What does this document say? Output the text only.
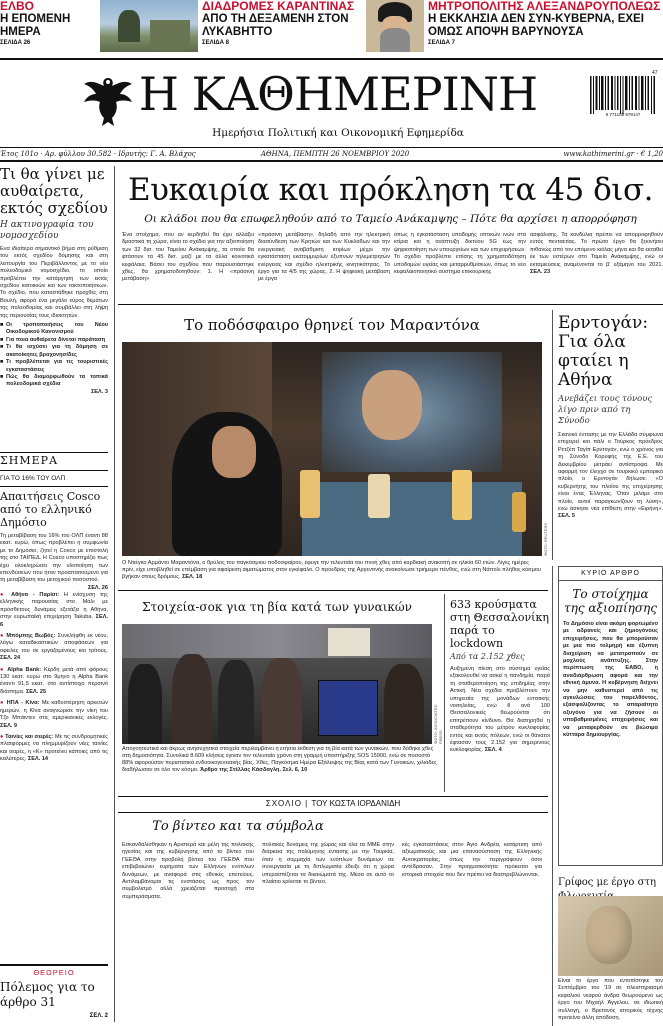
ΕΛΒΟ
Η ΕΠΟΜΕΝΗ ΗΜΕΡΑ
ΣΕΛΙΔΑ 26
ΔΙΑΔΡΟΜΕΣ ΚΑΡΑΝΤΙΝΑΣ
ΑΠΟ ΤΗ ΔΕΞΑΜΕΝΗ ΣΤΟΝ ΛΥΚΑΒΗΤΤΟ
ΣΕΛΙΔΑ 8
ΜΗΤΡΟΠΟΛΙΤΗΣ ΑΛΕΞΑΝΔΡΟΥΠΟΛΕΩΣ
Η ΕΚΚΛΗΣΙΑ ΔΕΝ ΣΥΝ-ΚΥΒΕΡΝΑ, ΕΧΕΙ ΟΜΩΣ ΑΠΟΨΗ ΒΑΡΥΝΟΥΣΑ
ΣΕΛΙΔΑ 7
Η ΚΑΘΗΜΕΡΙΝΗ
Ημερήσια Πολιτική και Οικονομική Εφημερίδα
9 771108 979147
47
Έτος 101ο · Αρ. φύλλου 30.582 · Ιδρυτής: Γ. Α. Βλάχος	ΑΘΗΝΑ, ΠΕΜΠΤΗ 26 ΝΟΕΜΒΡΙΟΥ 2020	www.kathimerini.gr · € 1,20
Τι θα γίνει με αυθαίρετα, εκτός σχεδίου
Η ακτινογραφία του νομοσχεδίου
Ενα ιδιαίτερα σημαντικό βήμα στη ρύθμιση του εκτός σχεδίου δόμησης και στη λειτουργία του Περιβάλλοντος με το νέο πολεοδομικό νομοσχέδιο, το οποίο προβλέπει την κατάργηση των εκτός σχεδίου κατοικιών και των τακτοποιήσεων. Το σχέδιο, που καταστάθηκε προχθές στη Βουλή, αφορά ένα μεγάλο εύρος θεμάτων της πολεοδομίας και συμβάλλει στη λήψη της περιουσίας τους ιδιοκτητών.
■ Οι τροποποιήσεις του Νέου Οικοδομικού Κανονισμού
■ Για ποια αυθαίρετα δίνεται παράταση
■ Τι θα ισχύσει για τη δόμηση σε ακατοίκητες βραχονησίδες
■ Τι προβλέπεται για τις τουριστικές εγκαταστάσεις
■ Πώς θα διαμορφωθούν τα τοπικά πολεοδομικά σχέδια
ΣΕΛ. 3
ΣΗΜΕΡΑ
ΓΙΑ ΤΟ 16% ΤΟΥ ΟΛΠ
Απαιτήσεις Cosco από το ελληνικό Δημόσιο
Τη μεταβίβαση του 16% του ΟΛΠ έναντι 88 εκατ. ευρώ, όπως προβλέπει η συμφωνία με το Δημόσιο, ζητεί η Cosco με επιστολή της στο ΤΑΙΠΕΔ. Η Cosco υποστηρίζει πως έχει ολοκληρώσει την υλοποίηση των επενδύσεων που ήταν προαπαιτούμενο για τη μεταβίβαση του μετοχικού ποσοστού.
ΣΕΛ. 26
● Αθήνα - Παρίσι: Η ενίσχυση της ελληνικής παρουσίας στο Μάλι με πρόσθετους δυνάμεις εξετάζει η Αθήνα, στην ευρωπαϊκή επιχείρηση Takuba. ΣΕΛ. 6
● Μπόμπης Βωβός: Συνελήφθη εκ νέου, λόγω καταδικαστικών αποφάσεων για οφειλές του σε εργαζομένους και τρίτους. ΣΕΛ. 24
● Alpha Bank: Κέρδη μετά από φόρους 130 εκατ. ευρώ στο 9μηνο η Alpha Bank έναντι 91,5 εκατ. στο αντίστοιχο περσινό διάστημα. ΣΕΛ. 25
● ΗΠΑ - Κίνα: Με καθυστέρηση αρκετών ημερών, η Κίνα αναγνώρισε την νίκη του Τζο Μπάιντεν στις αμερικανικές εκλογές. ΣΕΛ. 9
● Ταινίες και σειρές: Με τις συνδρομητικές πλατφόρμες να πλημμυρίζουν νέες ταινίες και σειρές, η «Κ» προτείνει κάποιες από τις καλύτερες. ΣΕΛ. 14
ΘΕΩΡΕΙΟ
Πόλεμος για το άρθρο 31
ΣΕΛ. 2
Ευκαιρία και πρόκληση τα 45 δισ.
Οι κλάδοι που θα επωφεληθούν από το Ταμείο Ανάκαμψης – Πότε θα αρχίσει η απορρόφηση
Ένα στοίχημα, που αν κερδηθεί θα έχει αλλάξει δραστικά τη χώρα, είναι το σχέδιο για την αξιοποίηση των 32 δισ. του Ταμείου Ανάκαμψης, τα οποία θα φτάσουν τα 45 δισ. μαζί με τα άλλα κοινοτικά κεφάλαια. Βάσει του σχεδίου που παρουσιάστηκε χθες, θα χρηματοδοτηθούν: 1. Η «πράσινη μετάβαση»
«πράσινη μετάβαση», δηλαδή από την ηλεκτρική διασύνδεση των Κρητών και των Κυκλάδων και την ενεργειακή αναβάθμιση κτιρίων μέχρι την εγκατάσταση εκατομμυρίων έξυπνων τηλεμετρητών ενέργειας και σχέδιο ηλεκτρικής κινητικότητας. Το έργο για τα 4/5 της χώρας. 2. Η ψηφιακή μετάβαση με έργα
όπως η εγκατάσταση υποδομής οπτικών ινών στα κτίρια και η ανάπτυξη δικτύου 5G έως την ψηφιοποίηση των υπουργείων και των επιχειρήσεων. Το σχέδιο προβλέπει επίσης τη χρηματοδότηση υποδομών υγείας και μεταρρυθμίσεων, όπως το νέο κεφαλαιοποιητικό σύστημα επικουρικής
ασφάλισης. Τα κονδύλια πρέπει να απορροφηθούν εντός πενταετίας. Το πρώτο έργο θα ξεκινήσει πιθανώς από τον επόμενο κιόλας μήνα και θα εκταθεί έκ των υστέρων στο Ταμείο Ανάκαμψης, ενώ οι εκταμιεύσεις αναμένονται το β' εξάμηνο του 2021. ΣΕΛ. 23
Το ποδόσφαιρο θρηνεί τον Μαραντόνα
ΦΩΤΟ: REUTERS
Ο Ντιέγκο Αρμάντο Μαραντόνα, ο θρύλος του παγκόσμιου ποδοσφαίρου, έφυγε την τελευταία του πνοή χθες από καρδιακή ανακοπή σε ηλικία 60 ετών. Λίγες ημέρες πριν, είχε υποβληθεί σε επέμβαση για αφαίρεση αιματώματος στον εγκέφαλο. Ο πρόεδρος της Αργεντινής ανακοίνωσε τριήμερο πένθος, ενώ στη Νάπολι πλήθος κόσμου βγήκαν στους δρόμους. ΣΕΛ. 18
Ερντογάν: Για όλα φταίει η Αθήνα
Ανεβάζει τους τόνους λίγο πριν από τη Σύνοδο
Σκανικό έντασης με την Ελλάδα σύμφωνα επιχειρεί και πάλι ο Τούρκος πρόεδρος Ρετζέπ Ταγίπ Ερντογάν, ενώ ο χρόνος για τη Σύνοδο Κορυφής της Ε.Ε. του Δεκεμβρίου μετράει αντίστροφα. Με αφορμή τον έλεγχο σε τουρκικό εμπορικό πλοίο, ο Ερντογάν δήλωσε: «Ο κυβερνήτης του πλοίου της επιχείρησης είναι ένας Έλληνας. Όταν μιλάμε στο πλοίο, αυτοί παραγκωνίζουν τη λύση», ενώ άσκησε νέα επίθεση στην «Ειρήνη». ΣΕΛ. 5
Στοιχεία-σοκ για τη βία κατά των γυναικών
ΦΩΤΟ: ASSOCIATED PRESS
Απογοητευτικά και άκρως ανησυχητικά στοιχεία περιλαμβάνει η ετήσια έκθεση για τη βία κατά των γυναικών, που δόθηκε χθες στη δημοσιότητα. Συνολικά 8.609 κλήσεις έγιναν τον τελευταίο χρόνο στη γραμμή υποστήριξης SOS 15900, ενώ σε ποσοστό 88% αφορούσαν περιστατικά ενδοοικογενειακής βίας. Χθες, Παγκόσμια Ημέρα Εξάλειψης της Βίας κατά των Γυναικών, χιλιάδες διαδήλωσαν σε όλο τον κόσμο. Άρθρο της Στέλλας Κάσδαγλη. Σελ. 6, 10
633 κρούσματα στη Θεσσαλονίκη παρά το lockdown
Από τα 2.152 χθες
Αυξημένη πίεση στο σύστημα υγείας εξακολουθεί να ασκεί η πανδημία, παρά τη σταθεροποίηση της επιδημίας στην Αττική. Νέα σχέδια προβλέπουν την υπηρεσία της μονάδων εντατικής νοσηλείας, ενώ 8 ανά 100 Θεσσαλονικείς θεωρούνται ότι επιτρέπουν κίνδυνο. Θα διατηρηθεί η σταθερότητα του μέτρου κυκλοφορίας εντός και εκτός πόλεων, ενώ οι θάνατοι έφτασαν τους 2.152 για σημερινούς κυκλοφορίας. ΣΕΛ. 4
ΚΥΡΙΟ ΑΡΘΡΟ
Το στοίχημα της αξιοπίησης
Το Δημόσιο είναι ακόμη φορτωμένο με αδρανείς και ζημιογόνους επιχειρήσεις, που θα μπορούσαν με μια πιο τολμηρή και έξυπνη διαχείριση να μετατραπούν σε μοχλούς ανάπτυξης. Στην περίπτωση της ΕΑΒΟ, η αναδιάρθρωση αφορά και την εθνική άμυνα. Η κυβέρνηση δείχνει να μην καθυστερεί από τις αγκυλώσεις του παρελθόντος, εξασφαλίζοντας το απαραίτητο οξυγόνο για να ζήσουν οι υποβαθμισμένες επιχειρήσεις και να μεταφερθούν σε βιώσιμα κύτταρα δημιουργίας.
ΣΧΟΛΙΟ | ΤΟΥ ΚΩΣΤΑ ΙΟΡΔΑΝΙΔΗ
Το βίντεο και τα σύμβολα
Εσκανδαλίσθηκαν η Αριστερά και μέλη της πολιτικής ηγεσίας και της κυβέρνησης από το βίντεο του ΓΕΕΘΑ στην προβολή βίντεο του ΓΕΕΘΑ που επιβεβαιώνει ευρήματα των Ελλήνων ενόπλων δυνάμεων, με αναφορά στις εθνικές επετείους. Αντιλαμβάνομαι τις ενστάσεις ως προς τον συμβολισμό αλλά χρειάζεται προσοχή στα συμπεράσματα.
πολιτικές δυνάμεις της χώρας και όλα τα ΜΜΕ στην διάρκεια της πολύμηνης έντασης με την Τουρκία, όταν η συμμαχία των ενόπλων δυνάμεων σε συνεργασία με τη διπλωματία έδειξε ότι η χώρα υπερασπίζεται τα δικαιώματά της. Μέσα σε αυτό το πλαίσιο κρίνεται το βίντεο.
κές εγκαταστάσεις στον Άγιο Ανδρέα, κατάρτιση από αξιωματικούς και μια επανασύσταση της Ελληνικής Αυτοκρατορίας, όπως την περιγράφουν όσοι αντέδρασαν. Στην πραγματικότητα πρόκειται για ιστορικά στοιχεία που δεν πρέπει να διαστρεβλώνονται.
Γρίφος με έργο στη
Είναι το έργο που εντοπίστηκε τον Σεπτέμβριο του '19 σε πλειστηριασμό κεφαλιού νεαρού άνδρα θεωρούμενο ως έργο του Μιχαήλ Άγγελου, σε ιδιωτική συλλογή, ο Βρετανός ιστορικός τέχνης προτείνει άλλη απόδοση.
